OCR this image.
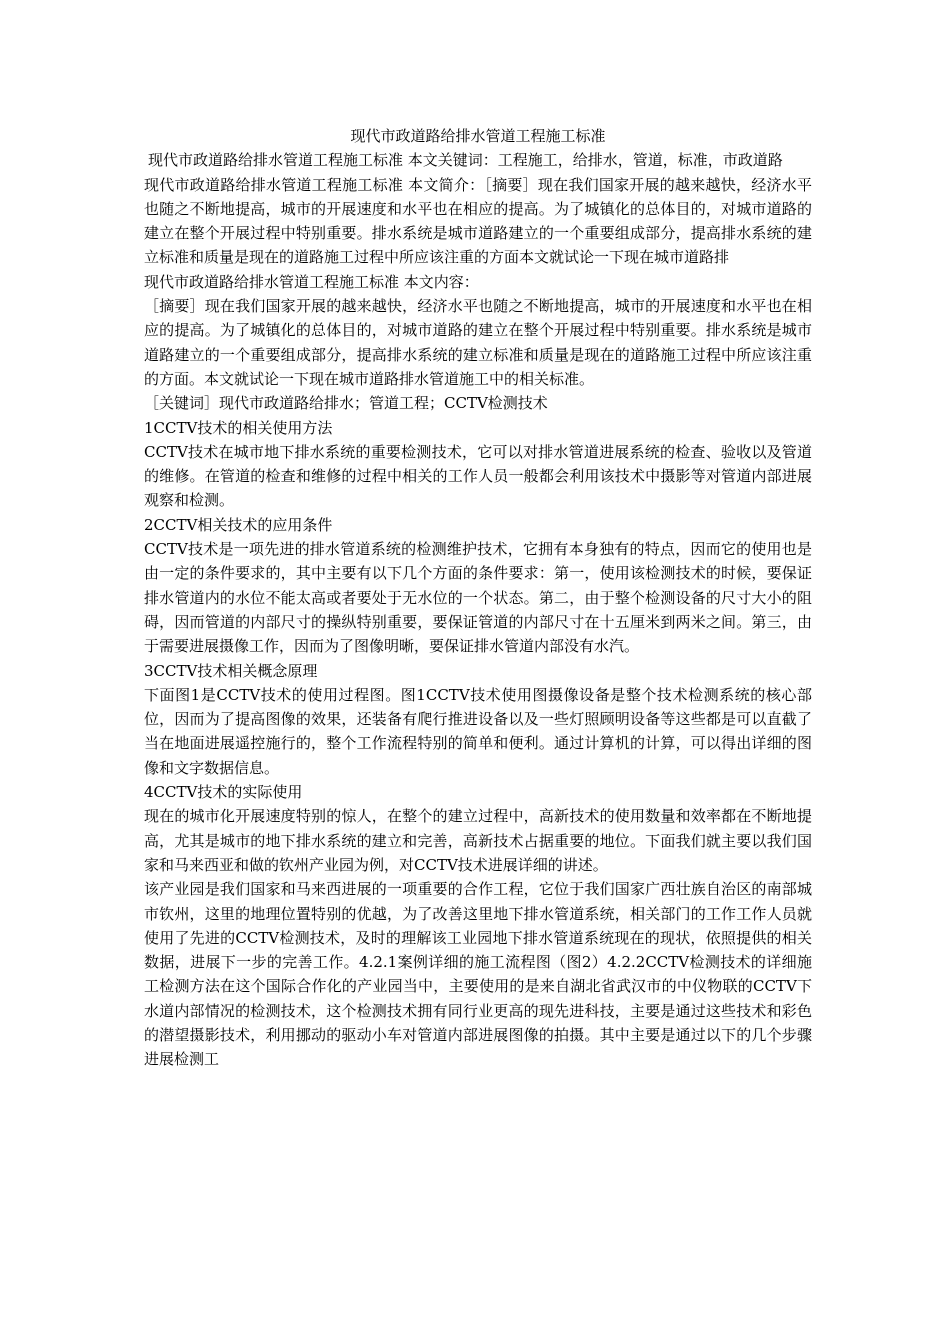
现代市政道路给排水管道工程施工标准

现代市政道路给排水管道工程施工标准 本文关键词：工程施工，给排水，管道，标准，市政道路

现代市政道路给排水管道工程施工标准 本文简介：［摘要］现在我们国家开展的越来越快，经济水平也随之不断地提高，城市的开展速度和水平也在相应的提高。为了城镇化的总体目的，对城市道路的建立在整个开展过程中特别重要。排水系统是城市道路建立的一个重要组成部分，提高排水系统的建立标准和质量是现在的道路施工过程中所应该注重的方面本文就试论一下现在城市道路排

现代市政道路给排水管道工程施工标准 本文内容：

［摘要］现在我们国家开展的越来越快，经济水平也随之不断地提高，城市的开展速度和水平也在相应的提高。为了城镇化的总体目的，对城市道路的建立在整个开展过程中特别重要。排水系统是城市道路建立的一个重要组成部分，提高排水系统的建立标准和质量是现在的道路施工过程中所应该注重的方面。本文就试论一下现在城市道路排水管道施工中的相关标准。

［关键词］现代市政道路给排水；管道工程；CCTV检测技术

1CCTV技术的相关使用方法

CCTV技术在城市地下排水系统的重要检测技术，它可以对排水管道进展系统的检查、验收以及管道的维修。在管道的检查和维修的过程中相关的工作人员一般都会利用该技术中摄影等对管道内部进展观察和检测。

2CCTV相关技术的应用条件

CCTV技术是一项先进的排水管道系统的检测维护技术，它拥有本身独有的特点，因而它的使用也是由一定的条件要求的，其中主要有以下几个方面的条件要求：第一，使用该检测技术的时候，要保证排水管道内的水位不能太高或者要处于无水位的一个状态。第二，由于整个检测设备的尺寸大小的阻碍，因而管道的内部尺寸的操纵特别重要，要保证管道的内部尺寸在十五厘米到两米之间。第三，由于需要进展摄像工作，因而为了图像明晰，要保证排水管道内部没有水汽。

3CCTV技术相关概念原理

下面图1是CCTV技术的使用过程图。图1CCTV技术使用图摄像设备是整个技术检测系统的核心部位，因而为了提高图像的效果，还装备有爬行推进设备以及一些灯照顾明设备等这些都是可以直截了当在地面进展遥控施行的，整个工作流程特别的简单和便利。通过计算机的计算，可以得出详细的图像和文字数据信息。

4CCTV技术的实际使用

现在的城市化开展速度特别的惊人，在整个的建立过程中，高新技术的使用数量和效率都在不断地提高，尤其是城市的地下排水系统的建立和完善，高新技术占据重要的地位。下面我们就主要以我们国家和马来西亚和做的钦州产业园为例，对CCTV技术进展详细的讲述。

该产业园是我们国家和马来西进展的一项重要的合作工程，它位于我们国家广西壮族自治区的南部城市钦州，这里的地理位置特别的优越，为了改善这里地下排水管道系统，相关部门的工作工作人员就使用了先进的CCTV检测技术，及时的理解该工业园地下排水管道系统现在的现状，依照提供的相关数据，进展下一步的完善工作。4.2.1案例详细的施工流程图（图2）4.2.2CCTV检测技术的详细施工检测方法在这个国际合作化的产业园当中，主要使用的是来自湖北省武汉市的中仪物联的CCTV下水道内部情况的检测技术，这个检测技术拥有同行业更高的现先进科技，主要是通过这些技术和彩色的潜望摄影技术，利用挪动的驱动小车对管道内部进展图像的拍摄。其中主要是通过以下的几个步骤进展检测工
